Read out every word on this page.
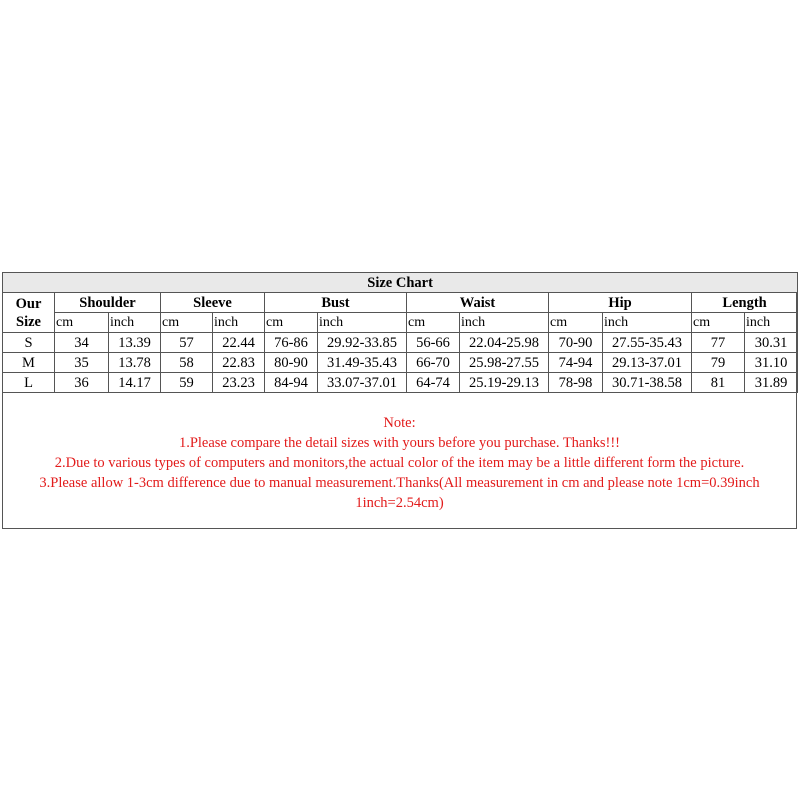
Size Chart												

Our
Size	Shoulder		Sleeve		Bust		Waist		Hip		Length	
	cm	inch	cm	inch	cm	inch	cm	inch	cm	inch	cm	inch
S	34	13.39	57	22.44	76-86	29.92-33.85	56-66	22.04-25.98	70-90	27.55-35.43	77	30.31
M	35	13.78	58	22.83	80-90	31.49-35.43	66-70	25.98-27.55	74-94	29.13-37.01	79	31.10
L	36	14.17	59	23.23	84-94	33.07-37.01	64-74	25.19-29.13	78-98	30.71-38.58	81	31.89
Note:
1.Please compare the detail sizes with yours before you purchase. Thanks!!!
2.Due to various types of computers and monitors,the actual color of the item may be a little different form the picture.
3.Please allow 1-3cm difference due to manual measurement.Thanks(All measurement in cm and please note 1cm=0.39inch
1inch=2.54cm)
